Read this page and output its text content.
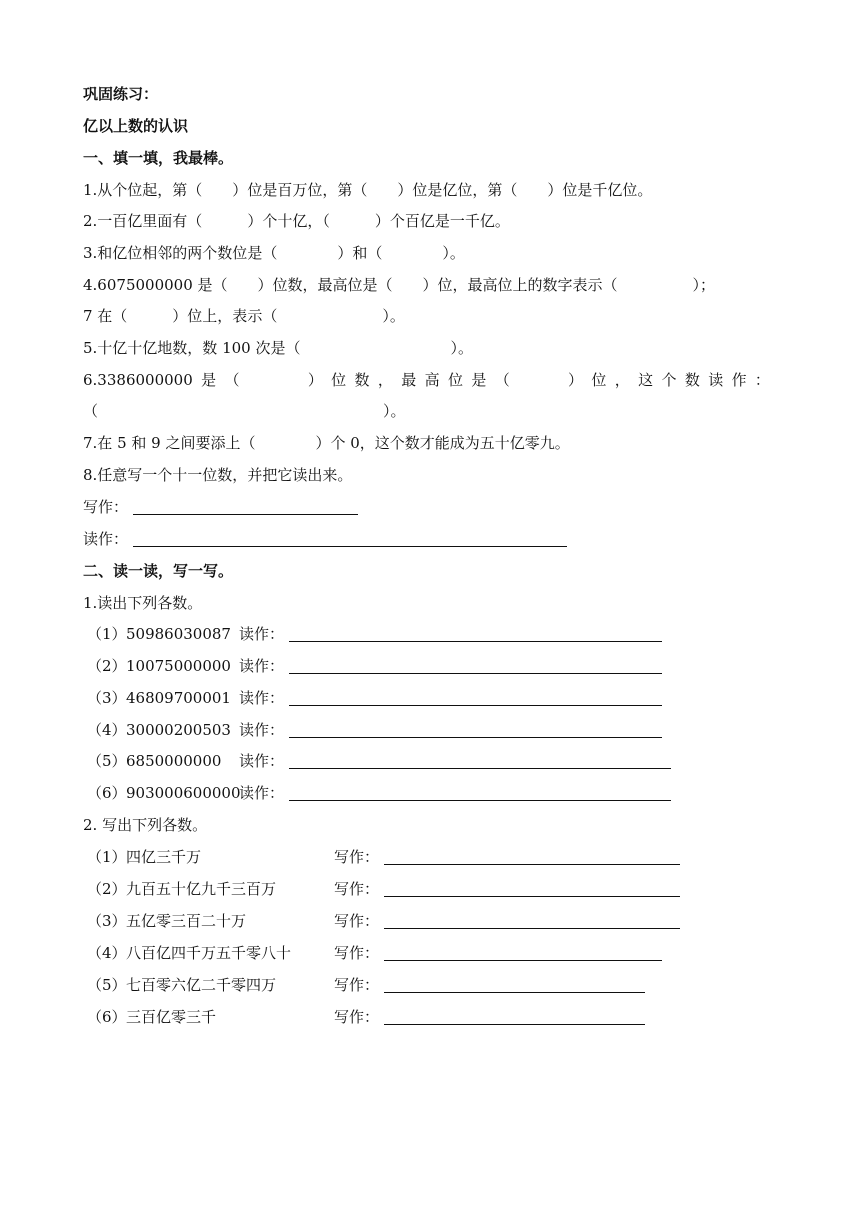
巩固练习：
亿以上数的认识
一、填一填，我最棒。
1.从个位起，第（　　）位是百万位，第（　　）位是亿位，第（　　）位是千亿位。
2.一百亿里面有（　　　）个十亿，（　　　）个百亿是一千亿。
3.和亿位相邻的两个数位是（　　　　）和（　　　　）。
4.6075000000 是（　　）位数，最高位是（　　）位，最高位上的数字表示（　　　　　）；
7 在（　　　）位上，表示（　　　　　　　）。
5.十亿十亿地数，数 100 次是（　　　　　　　　　　）。
6.3386000000 是 （	） 位 数 ， 最 高 位 是 （	） 位 ， 这 个 数 读 作 ：
（　　　　　　　　　　　　　　　　　　　）。
7.在 5 和 9 之间要添上（　　　　）个 0，这个数才能成为五十亿零九。
8.任意写一个十一位数，并把它读出来。
写作：
读作：
二、读一读，写一写。
1.读出下列各数。
（1） 50986030087 读作：
（2） 10075000000 读作：
（3） 46809700001 读作：
（4） 30000200503 读作：
（5） 6850000000 读作：
（6） 903000600000
读作：
2. 写出下列各数。
（1） 四亿三千万	写作：
（2） 九百五十亿九千三百万	写作：
（3） 五亿零三百二十万	写作：
（4） 八百亿四千万五千零八十	写作：
（5） 七百零六亿二千零四万	写作：
（6） 三百亿零三千	写作：
